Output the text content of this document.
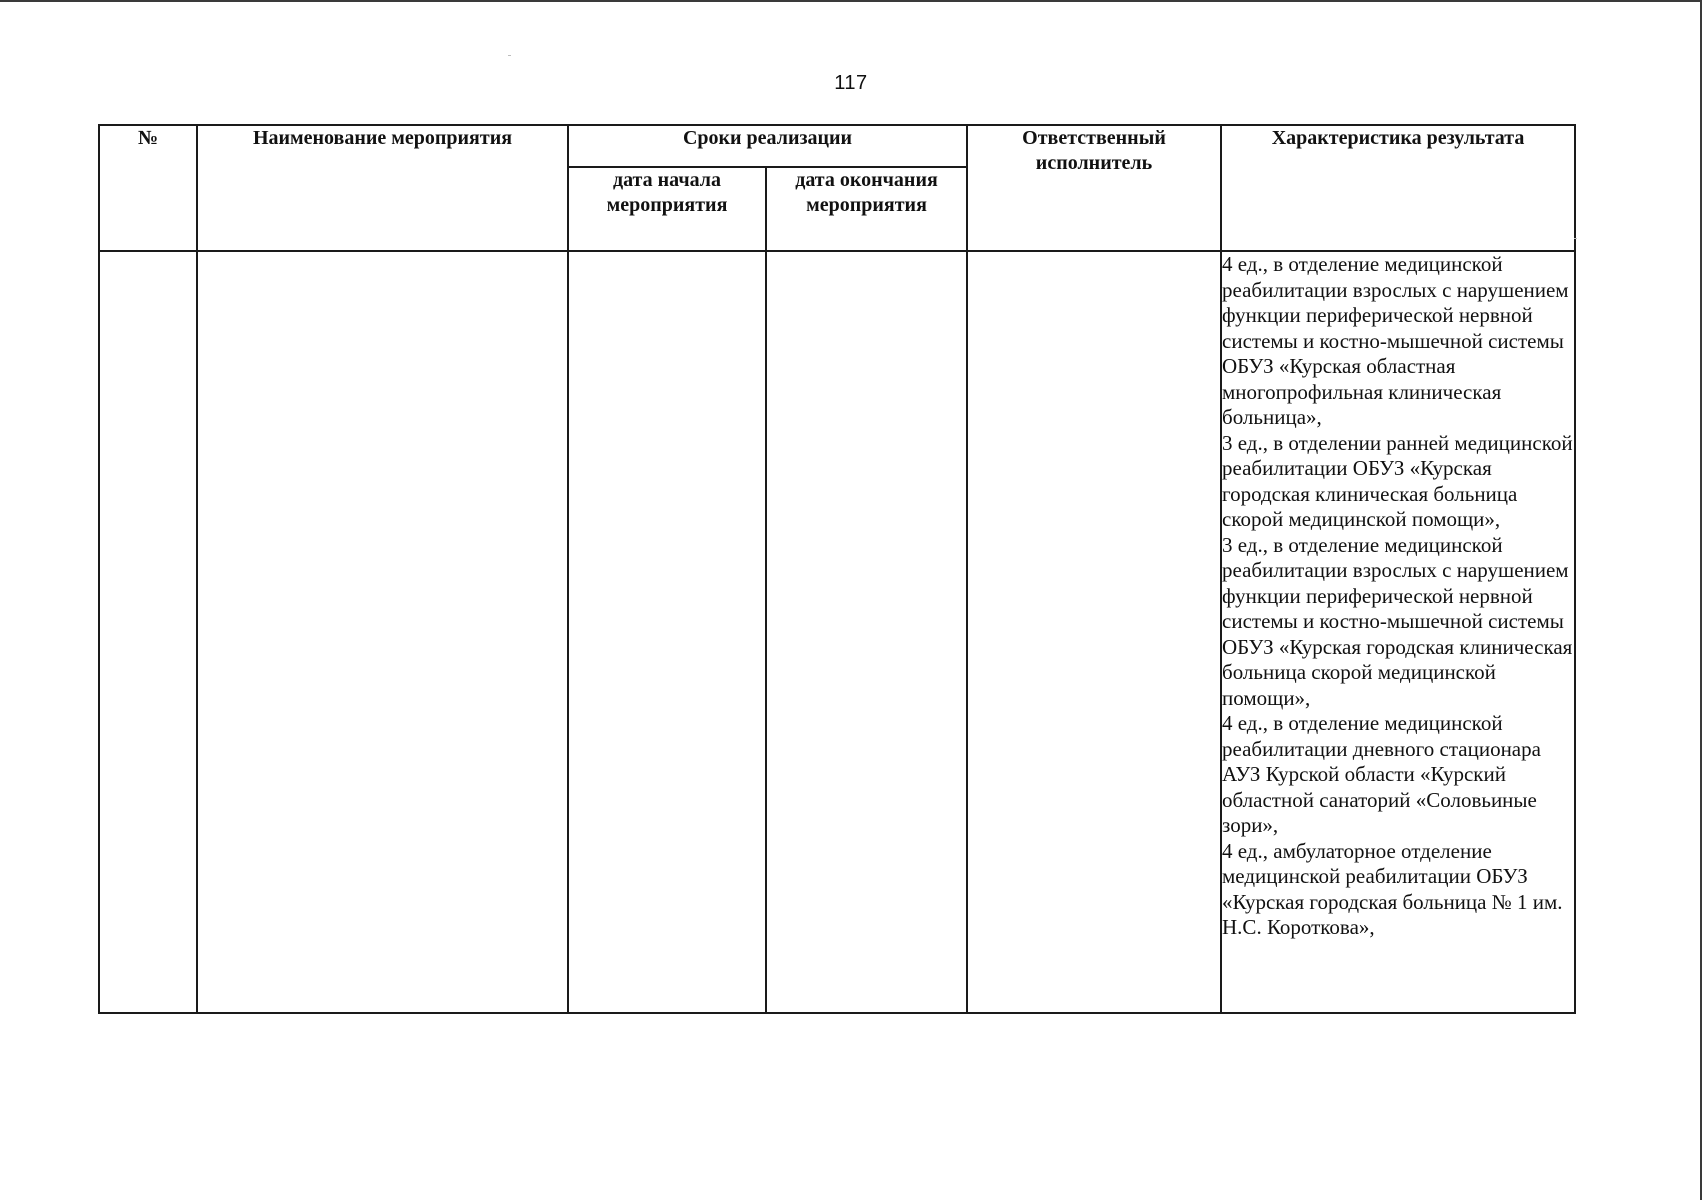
117
№	Наименование мероприятия	Сроки реализации		Ответственный исполнитель	Характеристика результата

		дата начала мероприятия	дата окончания мероприятия		

					4 ед., в отделение медицинской реабилитации взрослых с нарушением функции периферической нервной системы и костно-мышечной системы ОБУЗ «Курская областная многопрофильная клиническая больница»,

3 ед., в отделении ранней медицинской реабилитации ОБУЗ «Курская городская клиническая больница скорой медицинской помощи»,

3 ед., в отделение медицинской реабилитации взрослых с нарушением функции периферической нервной системы и костно-мышечной системы ОБУЗ «Курская городская клиническая больница скорой медицинской помощи»,

4 ед., в отделение медицинской реабилитации дневного стационара АУЗ Курской области «Курский областной санаторий «Соловьиные зори»,

4 ед., амбулаторное отделение медицинской реабилитации ОБУЗ «Курская городская больница № 1 им. Н.С. Короткова»,
